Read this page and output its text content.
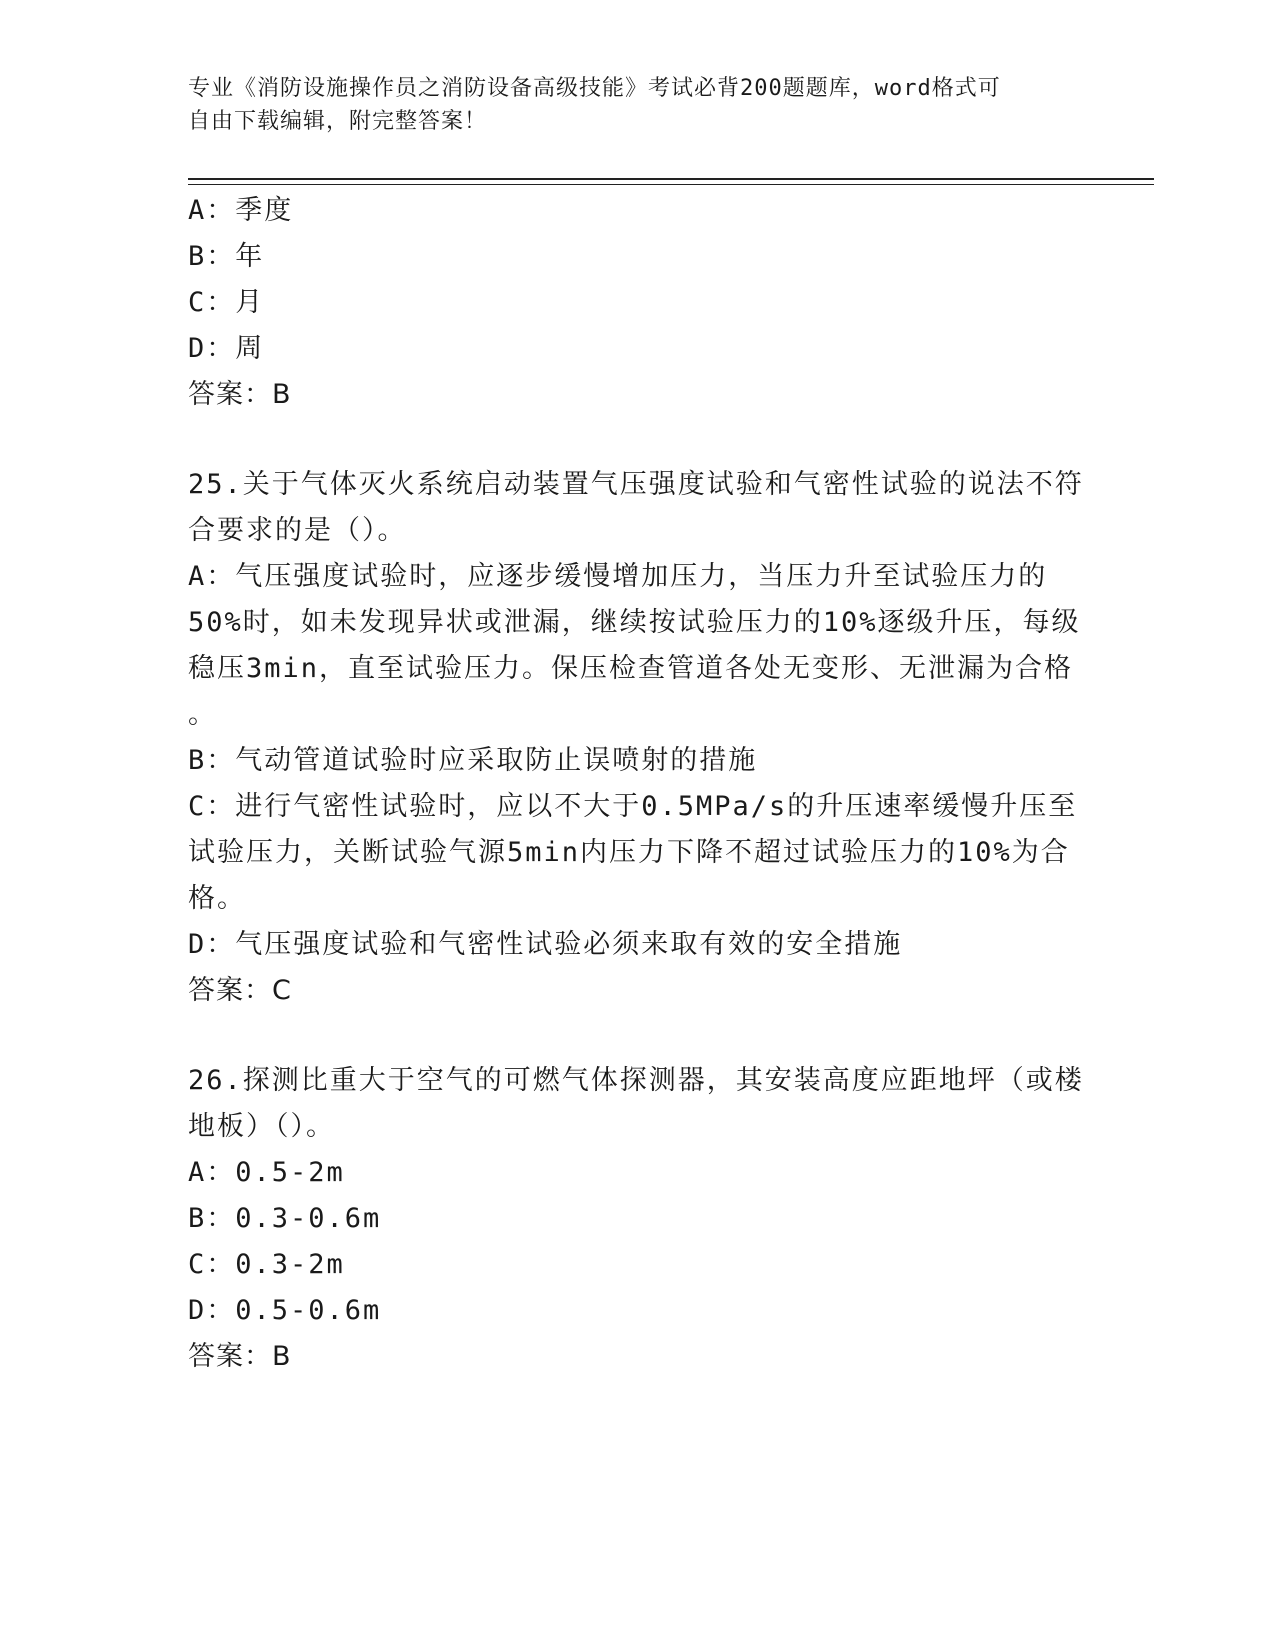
专业《消防设施操作员之消防设备高级技能》考试必背200题题库，word格式可
自由下载编辑，附完整答案！
A：季度
B：年
C：月
D：周
答案：B
25.关于气体灭火系统启动装置气压强度试验和气密性试验的说法不符
合要求的是（）。
A：气压强度试验时，应逐步缓慢增加压力，当压力升至试验压力的
50%时，如未发现异状或泄漏，继续按试验压力的10%逐级升压，每级
稳压3min，直至试验压力。保压检查管道各处无变形、无泄漏为合格
。
B：气动管道试验时应采取防止误喷射的措施
C：进行气密性试验时，应以不大于0.5MPa/s的升压速率缓慢升压至
试验压力，关断试验气源5min内压力下降不超过试验压力的10%为合
格。
D：气压强度试验和气密性试验必须来取有效的安全措施
答案：C
26.探测比重大于空气的可燃气体探测器，其安装高度应距地坪（或楼
地板）（）。
A：0.5-2m
B：0.3-0.6m
C：0.3-2m
D：0.5-0.6m
答案：B
